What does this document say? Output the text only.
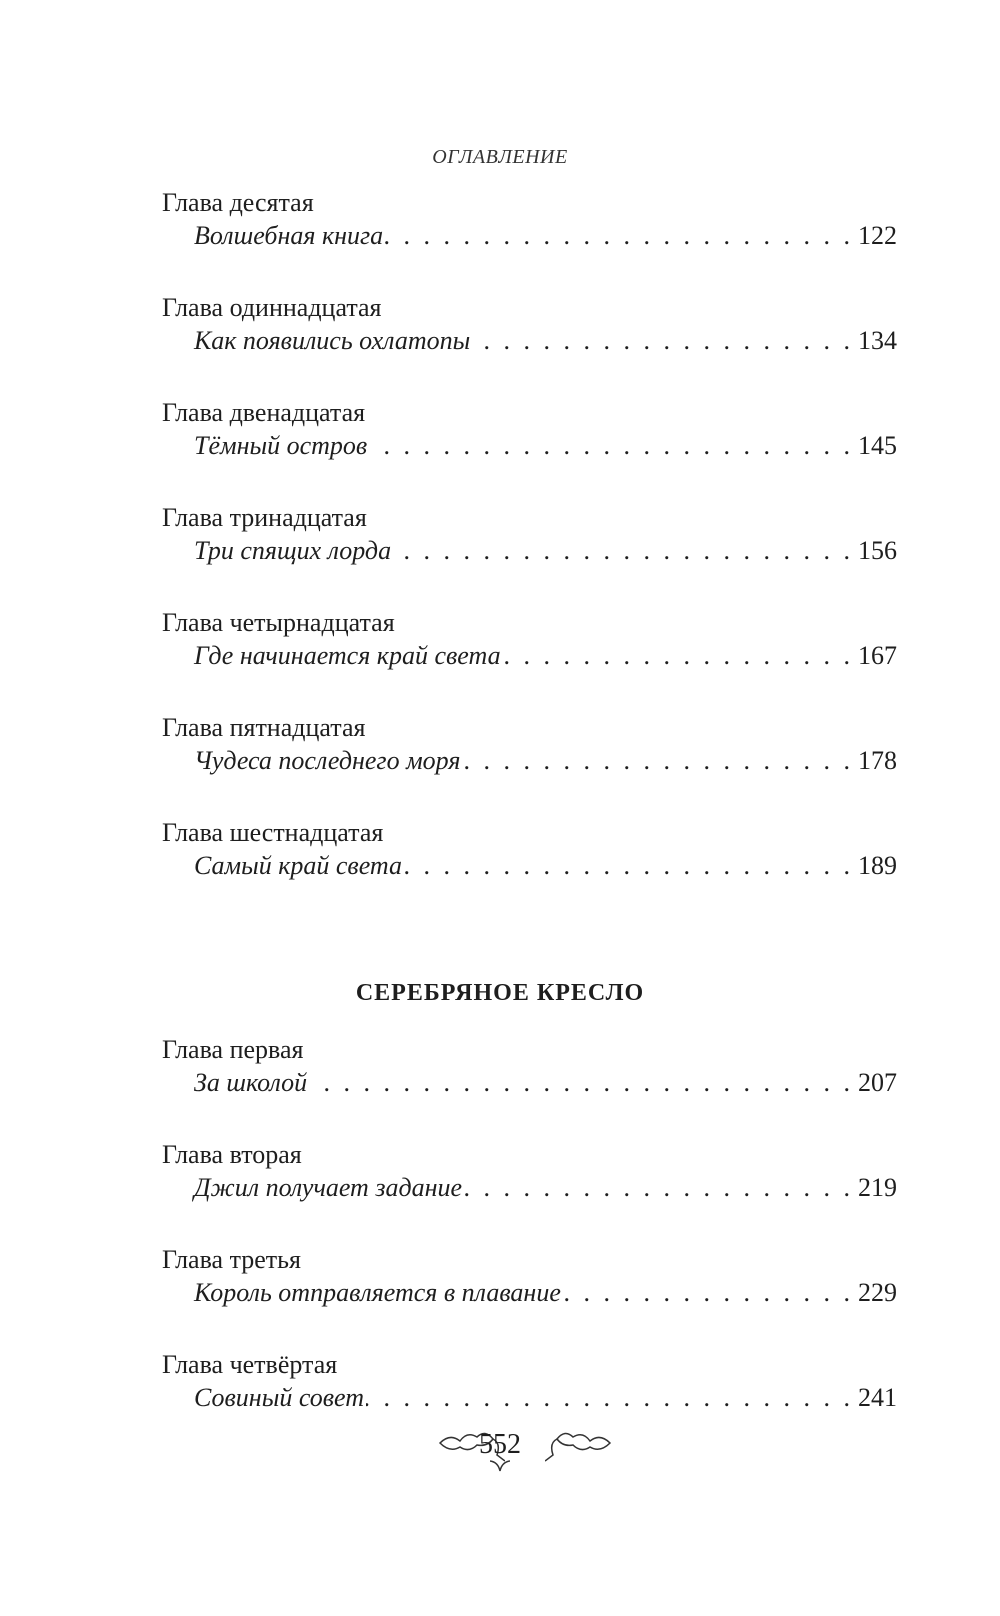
ОГЛАВЛЕНИЕ
Глава десятая
Волшебная книга . . .	122
Глава одиннадцатая
Как появились охлатопы . . .	134
Глава двенадцатая
Тёмный остров . . .	145
Глава тринадцатая
Три спящих лорда . . .	156
Глава четырнадцатая
Где начинается край света . . .	167
Глава пятнадцатая
Чудеса последнего моря . . .	178
Глава шестнадцатая
Самый край света . . .	189
СЕРЕБРЯНОЕ КРЕСЛО
Глава первая
За школой . . .	207
Глава вторая
Джил получает задание . . .	219
Глава третья
Король отправляется в плавание . . .	229
Глава четвёртая
Совиный совет . . .	241
552
